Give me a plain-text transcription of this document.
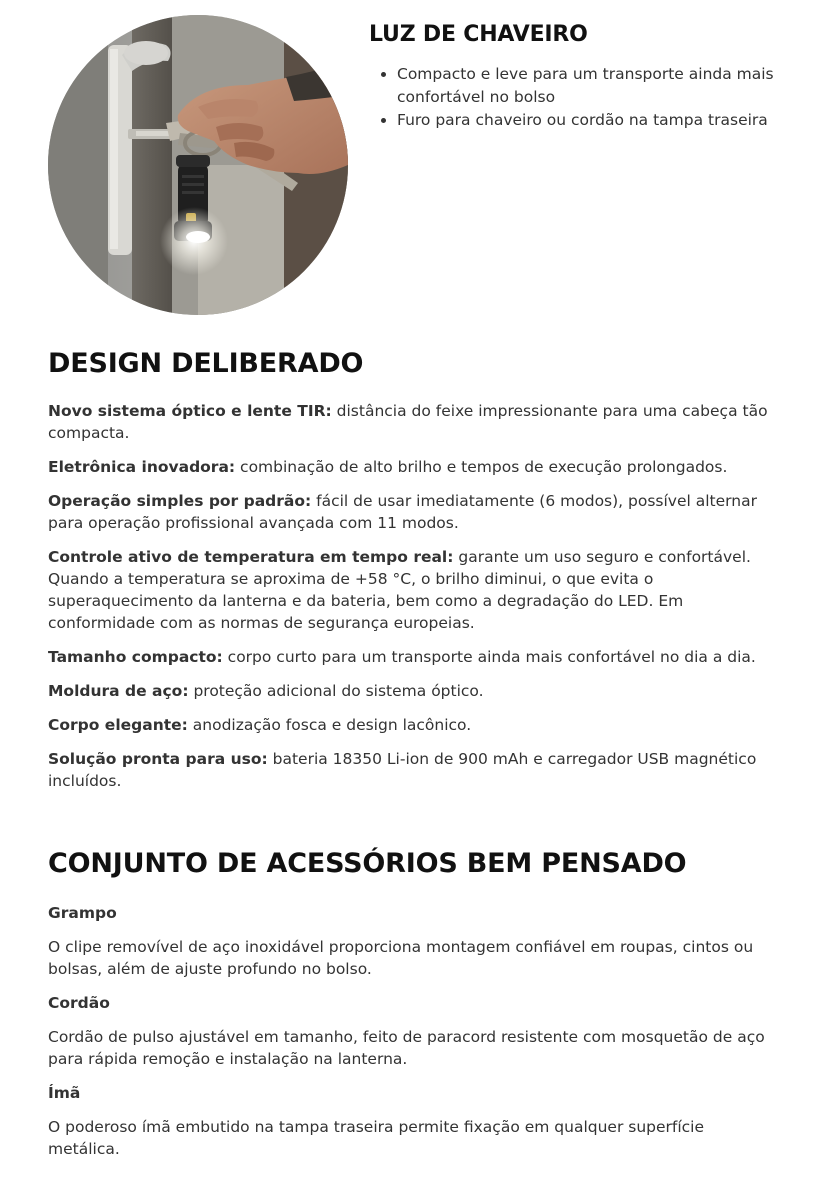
LUZ DE CHAVEIRO
• Compacto e leve para um transporte ainda mais confortável no bolso
• Furo para chaveiro ou cordão na tampa traseira
DESIGN DELIBERADO

Novo sistema óptico e lente TIR: distância do feixe impressionante para uma cabeça tão compacta.

Eletrônica inovadora: combinação de alto brilho e tempos de execução prolongados.

Operação simples por padrão: fácil de usar imediatamente (6 modos), possível alternar para operação profissional avançada com 11 modos.

Controle ativo de temperatura em tempo real: garante um uso seguro e confortável. Quando a temperatura se aproxima de +58 °C, o brilho diminui, o que evita o superaquecimento da lanterna e da bateria, bem como a degradação do LED. Em conformidade com as normas de segurança europeias.

Tamanho compacto: corpo curto para um transporte ainda mais confortável no dia a dia.

Moldura de aço: proteção adicional do sistema óptico.

Corpo elegante: anodização fosca e design lacônico.

Solução pronta para uso: bateria 18350 Li-ion de 900 mAh e carregador USB magnético incluídos.

CONJUNTO DE ACESSÓRIOS BEM PENSADO

Grampo

O clipe removível de aço inoxidável proporciona montagem confiável em roupas, cintos ou bolsas, além de ajuste profundo no bolso.

Cordão

Cordão de pulso ajustável em tamanho, feito de paracord resistente com mosquetão de aço para rápida remoção e instalação na lanterna.

Ímã

O poderoso ímã embutido na tampa traseira permite fixação em qualquer superfície metálica.
